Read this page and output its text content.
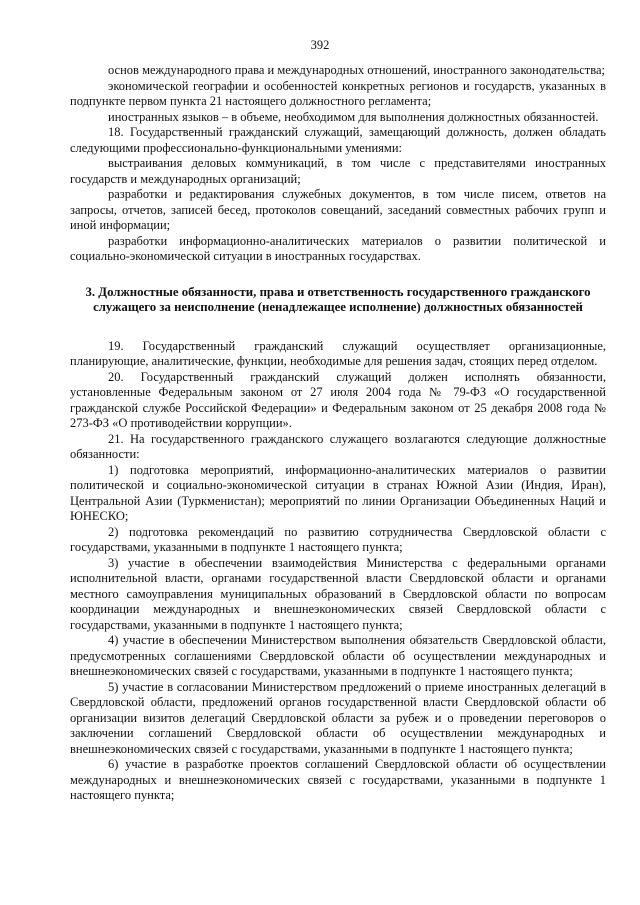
392

основ международного права и международных отношений, иностранного законодательства;

экономической географии и особенностей конкретных регионов и государств, указанных в подпункте первом пункта 21 настоящего должностного регламента;

иностранных языков – в объеме, необходимом для выполнения должностных обязанностей.

18. Государственный гражданский служащий, замещающий должность, должен обладать следующими профессионально-функциональными умениями:

выстраивания деловых коммуникаций, в том числе с представителями иностранных государств и международных организаций;

разработки и редактирования служебных документов, в том числе писем, ответов на запросы, отчетов, записей бесед, протоколов совещаний, заседаний совместных рабочих групп и иной информации;

разработки информационно-аналитических материалов о развитии политической и социально-экономической ситуации в иностранных государствах.

3. Должностные обязанности, права и ответственность государственного гражданского служащего за неисполнение (ненадлежащее исполнение) должностных обязанностей

19. Государственный гражданский служащий осуществляет организационные, планирующие, аналитические, функции, необходимые для решения задач, стоящих перед отделом.

20. Государственный гражданский служащий должен исполнять обязанности, установленные Федеральным законом от 27 июля 2004 года № 79-ФЗ «О государственной гражданской службе Российской Федерации» и Федеральным законом от 25 декабря 2008 года № 273-ФЗ «О противодействии коррупции».

21. На государственного гражданского служащего возлагаются следующие должностные обязанности:

1) подготовка мероприятий, информационно-аналитических материалов о развитии политической и социально-экономической ситуации в странах Южной Азии (Индия, Иран), Центральной Азии (Туркменистан); мероприятий по линии Организации Объединенных Наций и ЮНЕСКО;

2) подготовка рекомендаций по развитию сотрудничества Свердловской области с государствами, указанными в подпункте 1 настоящего пункта;

3) участие в обеспечении взаимодействия Министерства с федеральными органами исполнительной власти, органами государственной власти Свердловской области и органами местного самоуправления муниципальных образований в Свердловской области по вопросам координации международных и внешнеэкономических связей Свердловской области с государствами, указанными в подпункте 1 настоящего пункта;

4) участие в обеспечении Министерством выполнения обязательств Свердловской области, предусмотренных соглашениями Свердловской области об осуществлении международных и внешнеэкономических связей с государствами, указанными в подпункте 1 настоящего пункта;

5) участие в согласовании Министерством предложений о приеме иностранных делегаций в Свердловской области, предложений органов государственной власти Свердловской области об организации визитов делегаций Свердловской области за рубеж и о проведении переговоров о заключении соглашений Свердловской области об осуществлении международных и внешнеэкономических связей с государствами, указанными в подпункте 1 настоящего пункта;

6) участие в разработке проектов соглашений Свердловской области об осуществлении международных и внешнеэкономических связей с государствами, указанными в подпункте 1 настоящего пункта;
